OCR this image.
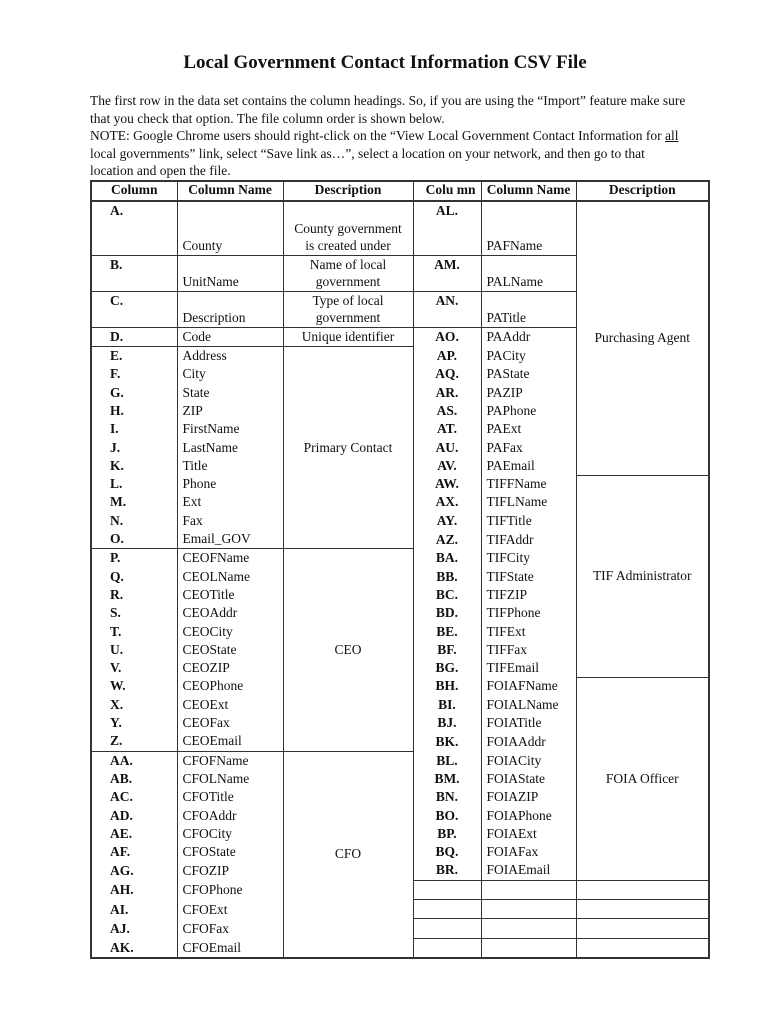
Local Government Contact Information CSV File

The first row in the data set contains the column headings. So, if you are using the “Import” feature make sure that you check that option. The file column order is shown below.

NOTE: Google Chrome users should right-click on the “View Local Government Contact Information for all local governments” link, select “Save link as…”, select a location on your network, and then go to that location and open the file.

Column	Column Name	Description	Colu mn	Column Name	Description
A.	County	County government is created under	AL.	PAFName	Purchasing Agent
B.	UnitName	Name of local government	AM.	PALName	
C.	Description	Type of local government	AN.	PATitle	
D.	Code	Unique identifier	AO.	PAAddr	
E.	Address	Primary Contact	AP.	PACity	
F.	City		AQ.	PAState	
G.	State		AR.	PAZIP	
H.	ZIP		AS.	PAPhone	
I.	FirstName		AT.	PAExt	
J.	LastName		AU.	PAFax	
K.	Title		AV.	PAEmail	
L.	Phone		AW.	TIFFName	TIF Administrator
M.	Ext		AX.	TIFLName	
N.	Fax		AY.	TIFTitle	
O.	Email_GOV		AZ.	TIFAddr	
P.	CEOFName	CEO	BA.	TIFCity	
Q.	CEOLName		BB.	TIFState	
R.	CEOTitle		BC.	TIFZIP	
S.	CEOAddr		BD.	TIFPhone	
T.	CEOCity		BE.	TIFExt	
U.	CEOState		BF.	TIFFax	
V.	CEOZIP		BG.	TIFEmail	
W.	CEOPhone		BH.	FOIAFName	FOIA Officer
X.	CEOExt		BI.	FOIALName	
Y.	CEOFax		BJ.	FOIATitle	
Z.	CEOEmail		BK.	FOIAAddr	
AA.	CFOFName	CFO	BL.	FOIACity	
AB.	CFOLName		BM.	FOIAState	
AC.	CFOTitle		BN.	FOIAZIP	
AD.	CFOAddr		BO.	FOIAPhone	
AE.	CFOCity		BP.	FOIAExt	
AF.	CFOState		BQ.	FOIAFax	
AG.	CFOZIP		BR.	FOIAEmail	
AH.	CFOPhone				
AI.	CFOExt				
AJ.	CFOFax				
AK.	CFOEmail				
